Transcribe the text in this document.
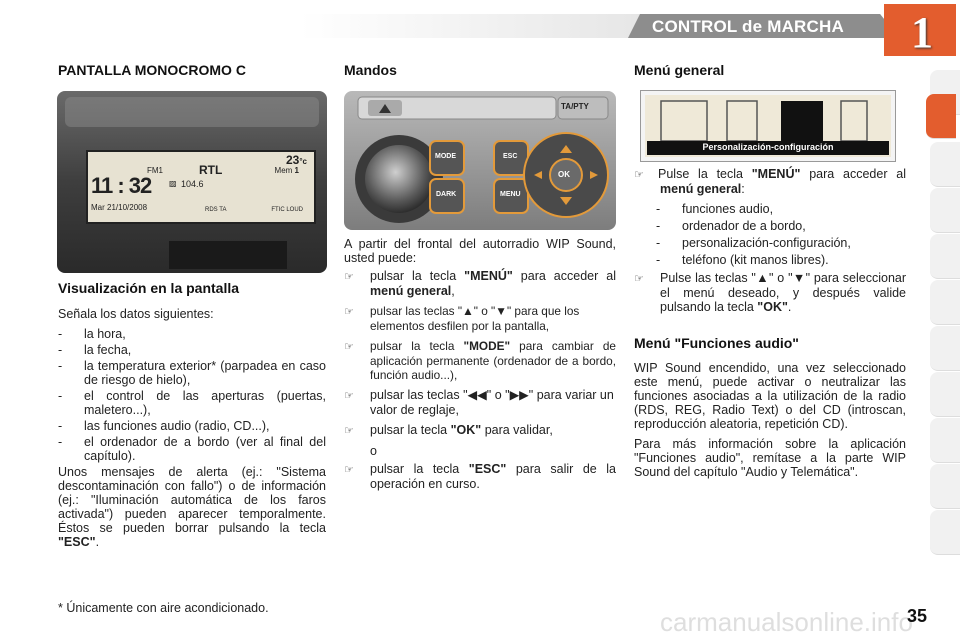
CONTROL de MARCHA	1
PANTALLA MONOCROMO C
23°c
FM1	RTL	Mem 1
11 : 32 ▨ 104.6
Mar 21/10/2008	RDS TA	FTIC LOUD
Visualización en la pantalla

Señala los datos siguientes:

- la hora,
- la fecha,
- la temperatura exterior* (parpadea en caso de riesgo de hielo),
- el control de las aperturas (puertas, maletero...),
- las funciones audio (radio, CD...),
- el ordenador de a bordo (ver al final del capítulo).

Unos mensajes de alerta (ej.: "Sistema descontaminación con fallo") o de información (ej.: "Iluminación automática de los faros activada") pueden aparecer temporalmente. Éstos se pueden borrar pulsando la tecla "ESC".

* Únicamente con aire acondicionado.
Mandos
TA/PTY
MODE
DARK
ESC
MENU
OK

A partir del frontal del autorradio WIP Sound, usted puede:

☞ pulsar la tecla "MENÚ" para acceder al menú general,
☞ pulsar las teclas "▲" o "▼" para que los elementos desfilen por la pantalla,
☞ pulsar la tecla "MODE" para cambiar de aplicación permanente (ordenador de a bordo, función audio...),
☞ pulsar las teclas "◀◀" o "▶▶" para variar un valor de reglaje,
☞ pulsar la tecla "OK" para validar,

o

☞ pulsar la tecla "ESC" para salir de la operación en curso.
Menú general
Personalización-configuración
☞ Pulse la tecla "MENÚ" para acceder al menú general:
- funciones audio,
- ordenador de a bordo,
- personalización-configuración,
- teléfono (kit manos libres).
☞ Pulse las teclas "▲" o "▼" para seleccionar el menú deseado, y después valide pulsando la tecla "OK".
Menú "Funciones audio"

WIP Sound encendido, una vez seleccionado este menú, puede activar o neutralizar las funciones asociadas a la utilización de la radio (RDS, REG, Radio Text) o del CD (introscan, reproducción aleatoria, repetición CD).

Para más información sobre la aplicación "Funciones audio", remítase a la parte WIP Sound del capítulo "Audio y Telemática".

carmanualsonline.info
35
